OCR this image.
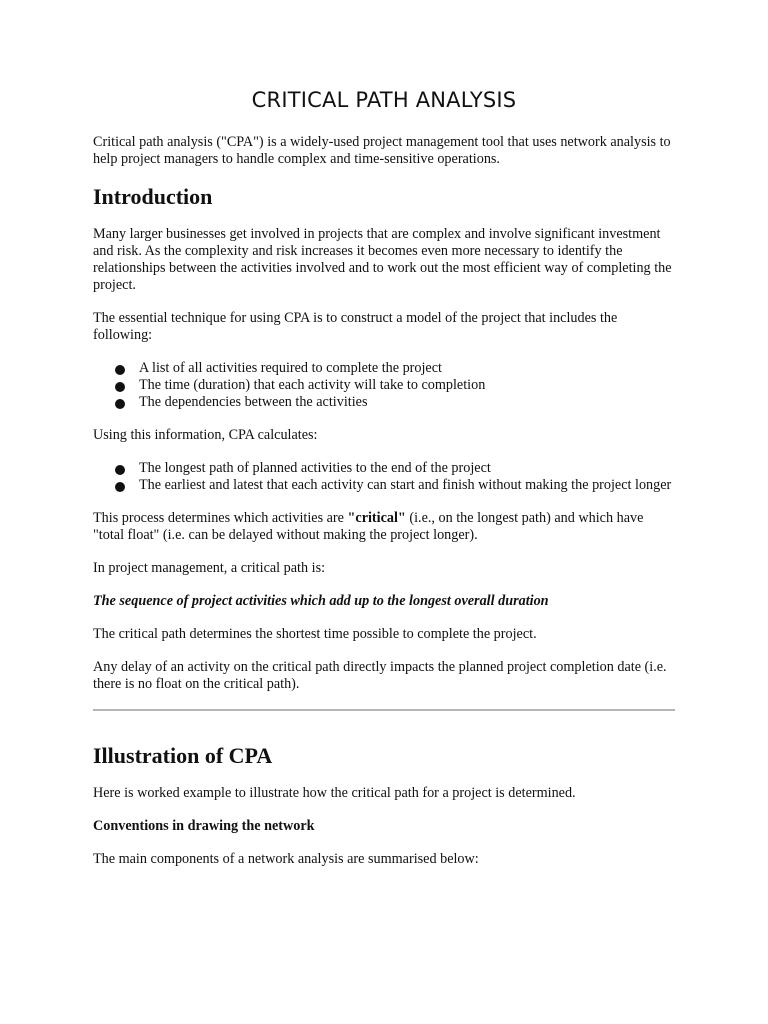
CRITICAL PATH ANALYSIS

Critical path analysis ("CPA") is a widely-used project management tool that uses network analysis to help project managers to handle complex and time-sensitive operations.

Introduction

Many larger businesses get involved in projects that are complex and involve significant investment and risk. As the complexity and risk increases it becomes even more necessary to identify the relationships between the activities involved and to work out the most efficient way of completing the project.

The essential technique for using CPA is to construct a model of the project that includes the following:

A list of all activities required to complete the project
The time (duration) that each activity will take to completion
The dependencies between the activities

Using this information, CPA calculates:

The longest path of planned activities to the end of the project
The earliest and latest that each activity can start and finish without making the project longer

This process determines which activities are "critical" (i.e., on the longest path) and which have "total float" (i.e. can be delayed without making the project longer).

In project management, a critical path is:

The sequence of project activities which add up to the longest overall duration

The critical path determines the shortest time possible to complete the project.

Any delay of an activity on the critical path directly impacts the planned project completion date (i.e. there is no float on the critical path).

Illustration of CPA

Here is worked example to illustrate how the critical path for a project is determined.

Conventions in drawing the network

The main components of a network analysis are summarised below:
